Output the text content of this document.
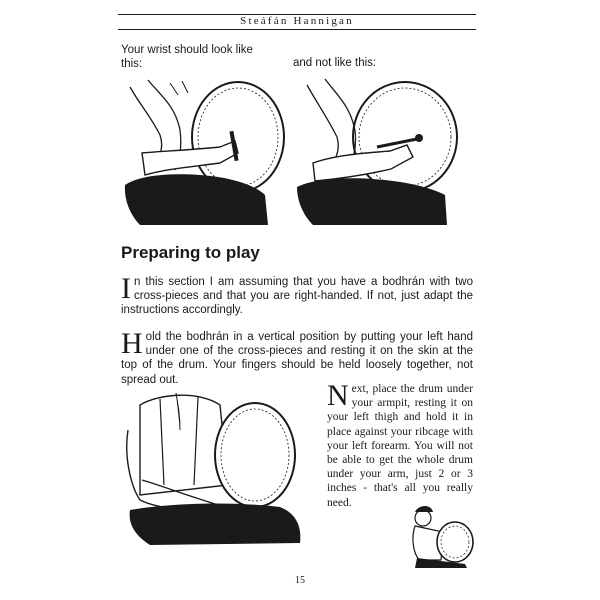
Steáfán Hannigan
Your wrist should look like this:	and not like this:
Preparing to play
In this section I am assuming that you have a bodhrán with two cross-pieces and that you are right-handed. If not, just adapt the instructions accordingly.
Hold the bodhrán in a vertical position by putting your left hand under one of the cross-pieces and resting it on the skin at the top of the drum. Your fingers should be held loosely together, not spread out.	Next, place the drum under your armpit, resting it on your left thigh and hold it in place against your ribcage with your left forearm. You will not be able to get the whole drum under your arm, just 2 or 3 inches - that's all you really need.
15
